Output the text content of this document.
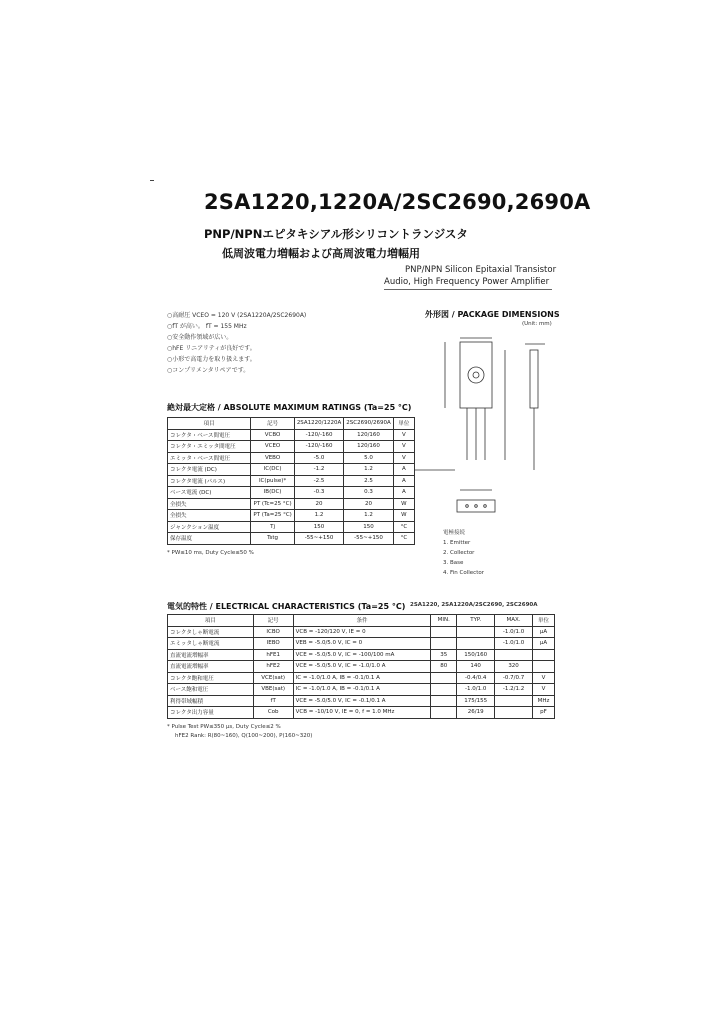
2SA1220,1220A/2SC2690,2690A
PNP/NPNエピタキシアル形シリコントランジスタ
低周波電力増幅および高周波電力増幅用
PNP/NPN Silicon Epitaxial Transistor
Audio, High Frequency Power Amplifier
○高耐圧 VCEO = 120 V (2SA1220A/2SC2690A)
○fT が高い。 fT = 155 MHz
○安全動作領域が広い。
○hFE リニアリティが良好です。
○小形で高電力を取り扱えます。
○コンプリメンタリペアです。
外形図 / PACKAGE DIMENSIONS
(Unit: mm)
電極接続
1. Emitter
2. Collector
3. Base
4. Fin Collector
絶対最大定格 / ABSOLUTE MAXIMUM RATINGS (Ta=25 °C)
項目	記号	2SA1220/1220A	2SC2690/2690A	単位
コレクタ・ベース間電圧	VCBO	-120/-160	120/160	V
コレクタ・エミッタ間電圧	VCEO	-120/-160	120/160	V
エミッタ・ベース間電圧	VEBO	-5.0	5.0	V
コレクタ電流 (DC)	IC(DC)	-1.2	1.2	A
コレクタ電流 (パルス)	IC(pulse)*	-2.5	2.5	A
ベース電流 (DC)	IB(DC)	-0.3	0.3	A
全損失	PT (Tc=25 °C)	20	20	W
全損失	PT (Ta=25 °C)	1.2	1.2	W
ジャンクション温度	Tj	150	150	°C
保存温度	Tstg	-55~+150	-55~+150	°C
* PW≤10 ms, Duty Cycle≤50 %
電気的特性 / ELECTRICAL CHARACTERISTICS (Ta=25 °C) 2SA1220, 2SA1220A/2SC2690, 2SC2690A
項目	記号	条件	MIN.	TYP.	MAX.	単位
コレクタしゃ断電流	ICBO	VCB = -120/120 V, IE = 0			-1.0/1.0	μA
エミッタしゃ断電流	IEBO	VEB = -5.0/5.0 V, IC = 0			-1.0/1.0	μA
直流電流増幅率	hFE1	VCE = -5.0/5.0 V, IC = -100/100 mA	35	150/160		
直流電流増幅率	hFE2	VCE = -5.0/5.0 V, IC = -1.0/1.0 A	80	140	320	
コレクタ飽和電圧	VCE(sat)	IC = -1.0/1.0 A, IB = -0.1/0.1 A		-0.4/0.4	-0.7/0.7	V
ベース飽和電圧	VBE(sat)	IC = -1.0/1.0 A, IB = -0.1/0.1 A		-1.0/1.0	-1.2/1.2	V
利得帯域幅積	fT	VCE = -5.0/5.0 V, IC = -0.1/0.1 A		175/155		MHz
コレクタ出力容量	Cob	VCB = -10/10 V, IE = 0, f = 1.0 MHz		26/19		pF
* Pulse Test PW≤350 μs, Duty Cycle≤2 %
hFE2 Rank: R(80~160), Q(100~200), P(160~320)
